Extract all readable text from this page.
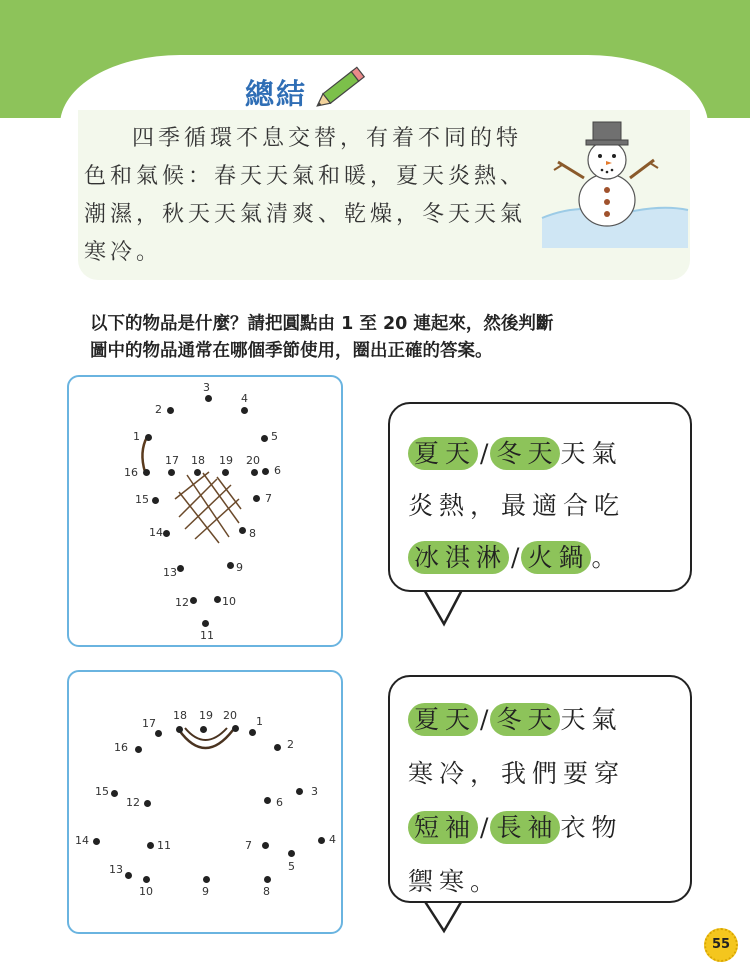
總結
四季循環不息交替，有着不同的特
色和氣候：春天天氣和暖，夏天炎熱、
潮濕，秋天天氣清爽、乾燥，冬天天氣
寒冷。
以下的物品是什麼？請把圓點由 1 至 20 連起來，然後判斷
圖中的物品通常在哪個季節使用，圈出正確的答案。
3
2
4
1	5
16
17 18 19 20
6
15	7
14	8
13	9
12	10
11
17
18 19 20 1
16	2
15
12	6
3
14	11	7	4
13	5
10	9	8
夏天 / 冬天天氣
炎熱，最適合吃
冰淇淋 / 火鍋。
夏天 / 冬天天氣
寒冷，我們要穿
短袖 / 長袖衣物
禦寒。
55
